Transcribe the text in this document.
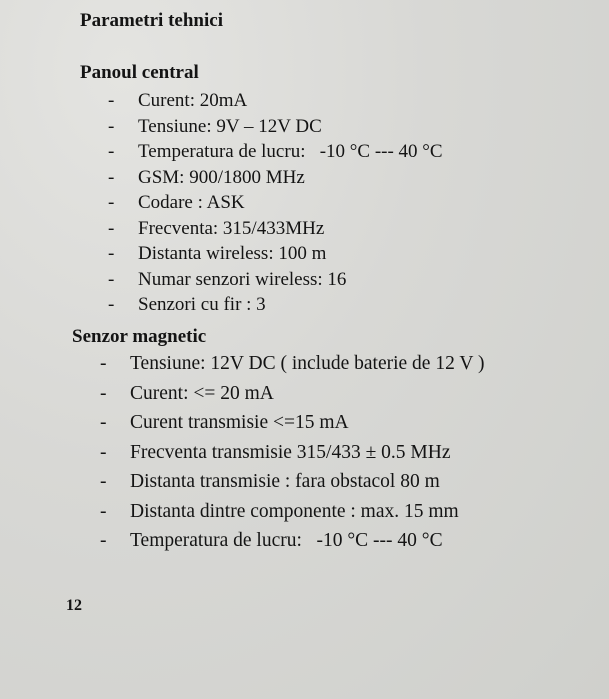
Parametri tehnici
Panoul central
- Curent: 20mA
- Tensiune: 9V – 12V DC
- Temperatura de lucru:   -10 °C --- 40 °C
- GSM: 900/1800 MHz
- Codare : ASK
- Frecventa: 315/433MHz
- Distanta wireless: 100 m
- Numar senzori wireless: 16
- Senzori cu fir : 3
Senzor magnetic
- Tensiune: 12V DC ( include baterie de 12 V )
- Curent: <= 20 mA
- Curent transmisie <=15 mA
- Frecventa transmisie 315/433 ± 0.5 MHz
- Distanta transmisie : fara obstacol 80 m
- Distanta dintre componente : max. 15 mm
- Temperatura de lucru:   -10 °C --- 40 °C
12
